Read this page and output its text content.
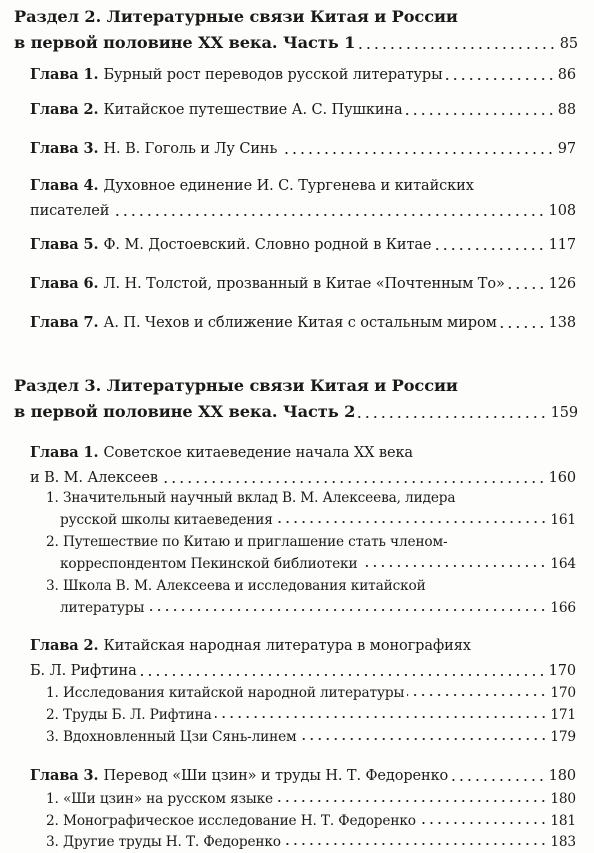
Раздел 2. Литературные связи Китая и России
в первой половине XX века. Часть 1	85
Глава 1. Бурный рост переводов русской литературы	86
Глава 2. Китайское путешествие А. С. Пушкина	88
Глава 3. Н. В. Гоголь и Лу Синь	97
Глава 4. Духовное единение И. С. Тургенева и китайских
писателей	108
Глава 5. Ф. М. Достоевский. Словно родной в Китае	117
Глава 6. Л. Н. Толстой, прозванный в Китае «Почтенным То»	126
Глава 7. А. П. Чехов и сближение Китая с остальным миром	138
Раздел 3. Литературные связи Китая и России
в первой половине XX века. Часть 2	159
Глава 1. Советское китаеведение начала XX века
и В. М. Алексеев	160
1. Значительный научный вклад В. М. Алексеева, лидера
русской школы китаеведения	161
2. Путешествие по Китаю и приглашение стать членом-
корреспондентом Пекинской библиотеки	164
3. Школа В. М. Алексеева и исследования китайской
литературы	166
Глава 2. Китайская народная литература в монографиях
Б. Л. Рифтина	170
1. Исследования китайской народной литературы	170
2. Труды Б. Л. Рифтина	171
3. Вдохновленный Цзи Сянь-линем	179
Глава 3. Перевод «Ши цзин» и труды Н. Т. Федоренко	180
1. «Ши цзин» на русском языке	180
2. Монографическое исследование Н. Т. Федоренко	181
3. Другие труды Н. Т. Федоренко	183
